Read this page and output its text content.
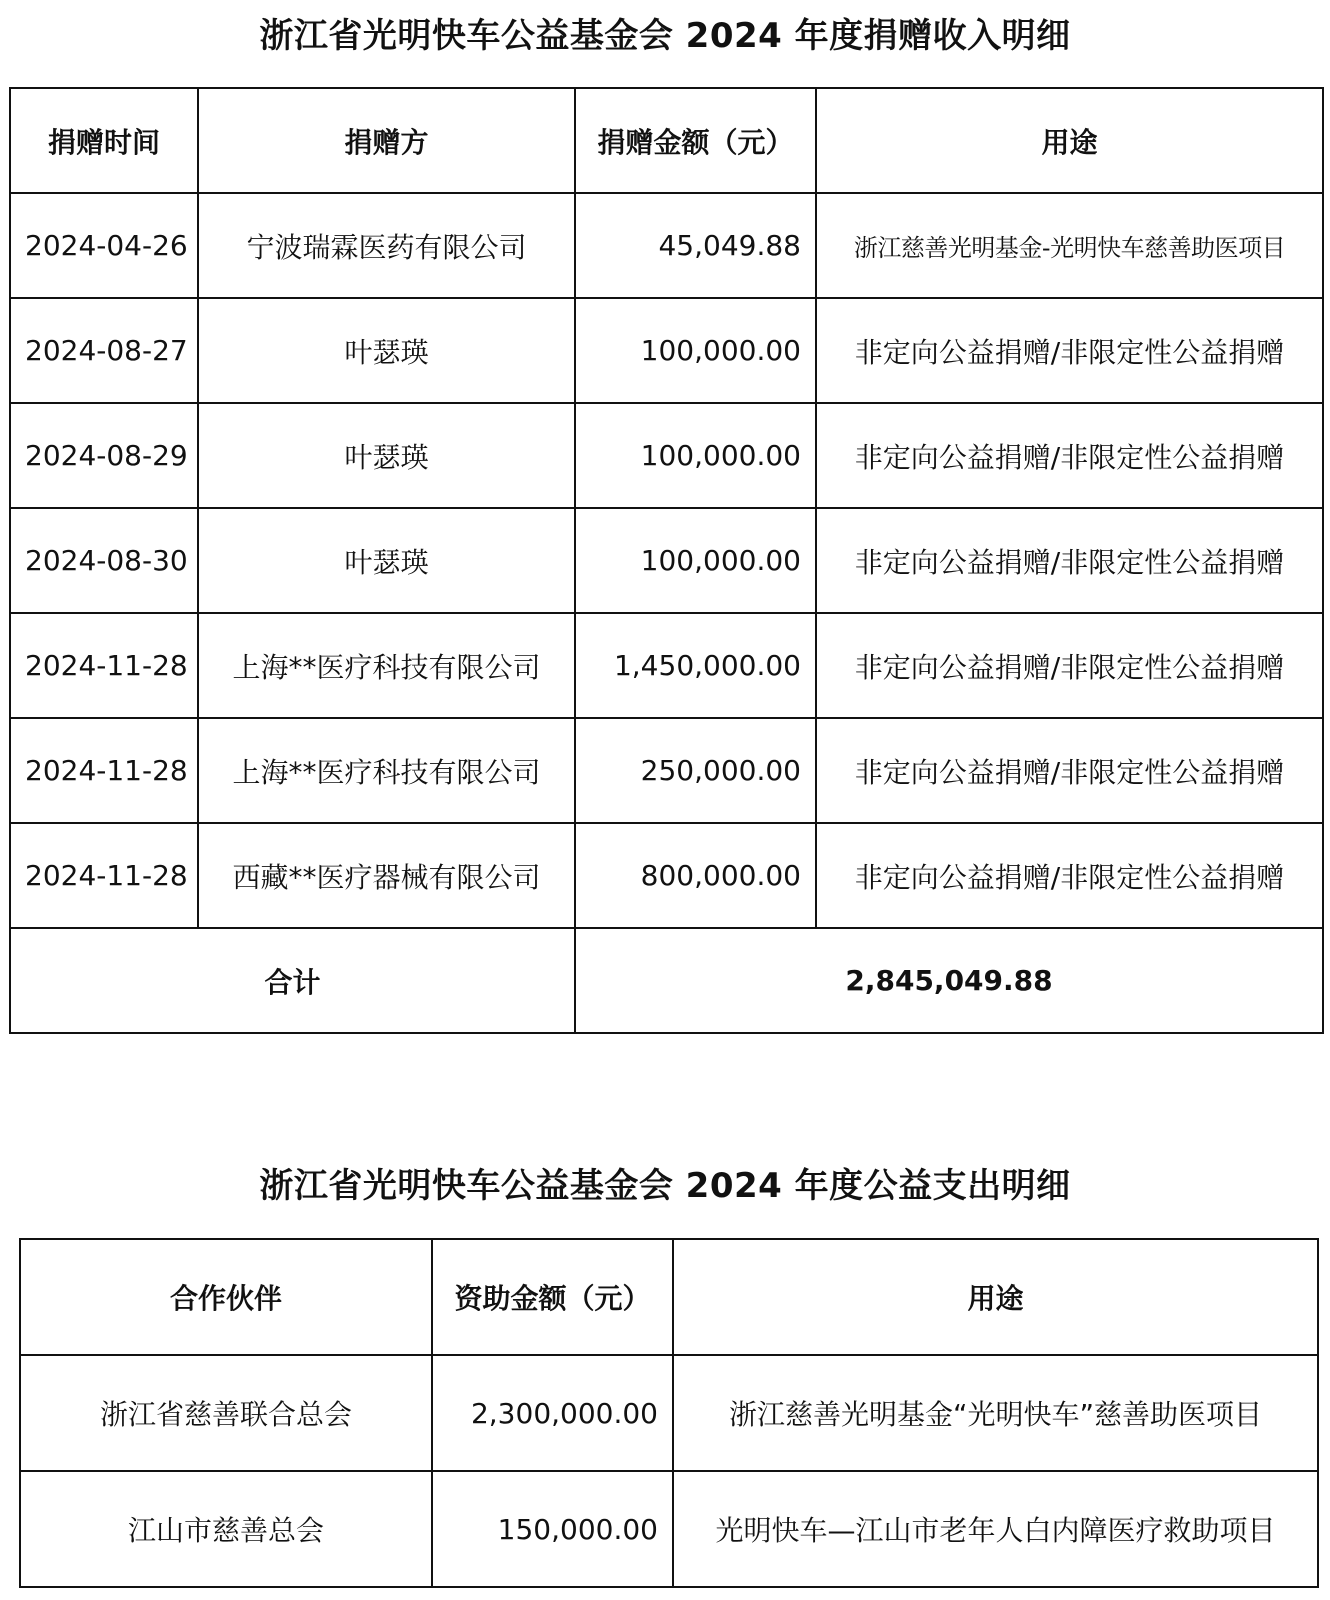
浙江省光明快车公益基金会 2024 年度捐赠收入明细
捐赠时间	捐赠方	捐赠金额（元）	用途
2024-04-26	宁波瑞霖医药有限公司	45,049.88	浙江慈善光明基金-光明快车慈善助医项目
2024-08-27	叶瑟瑛	100,000.00	非定向公益捐赠/非限定性公益捐赠
2024-08-29	叶瑟瑛	100,000.00	非定向公益捐赠/非限定性公益捐赠
2024-08-30	叶瑟瑛	100,000.00	非定向公益捐赠/非限定性公益捐赠
2024-11-28	上海**医疗科技有限公司	1,450,000.00	非定向公益捐赠/非限定性公益捐赠
2024-11-28	上海**医疗科技有限公司	250,000.00	非定向公益捐赠/非限定性公益捐赠
2024-11-28	西藏**医疗器械有限公司	800,000.00	非定向公益捐赠/非限定性公益捐赠
合计		2,845,049.88	
浙江省光明快车公益基金会 2024 年度公益支出明细
合作伙伴	资助金额（元）	用途
浙江省慈善联合总会	2,300,000.00	浙江慈善光明基金“光明快车”慈善助医项目
江山市慈善总会	150,000.00	光明快车—江山市老年人白内障医疗救助项目
